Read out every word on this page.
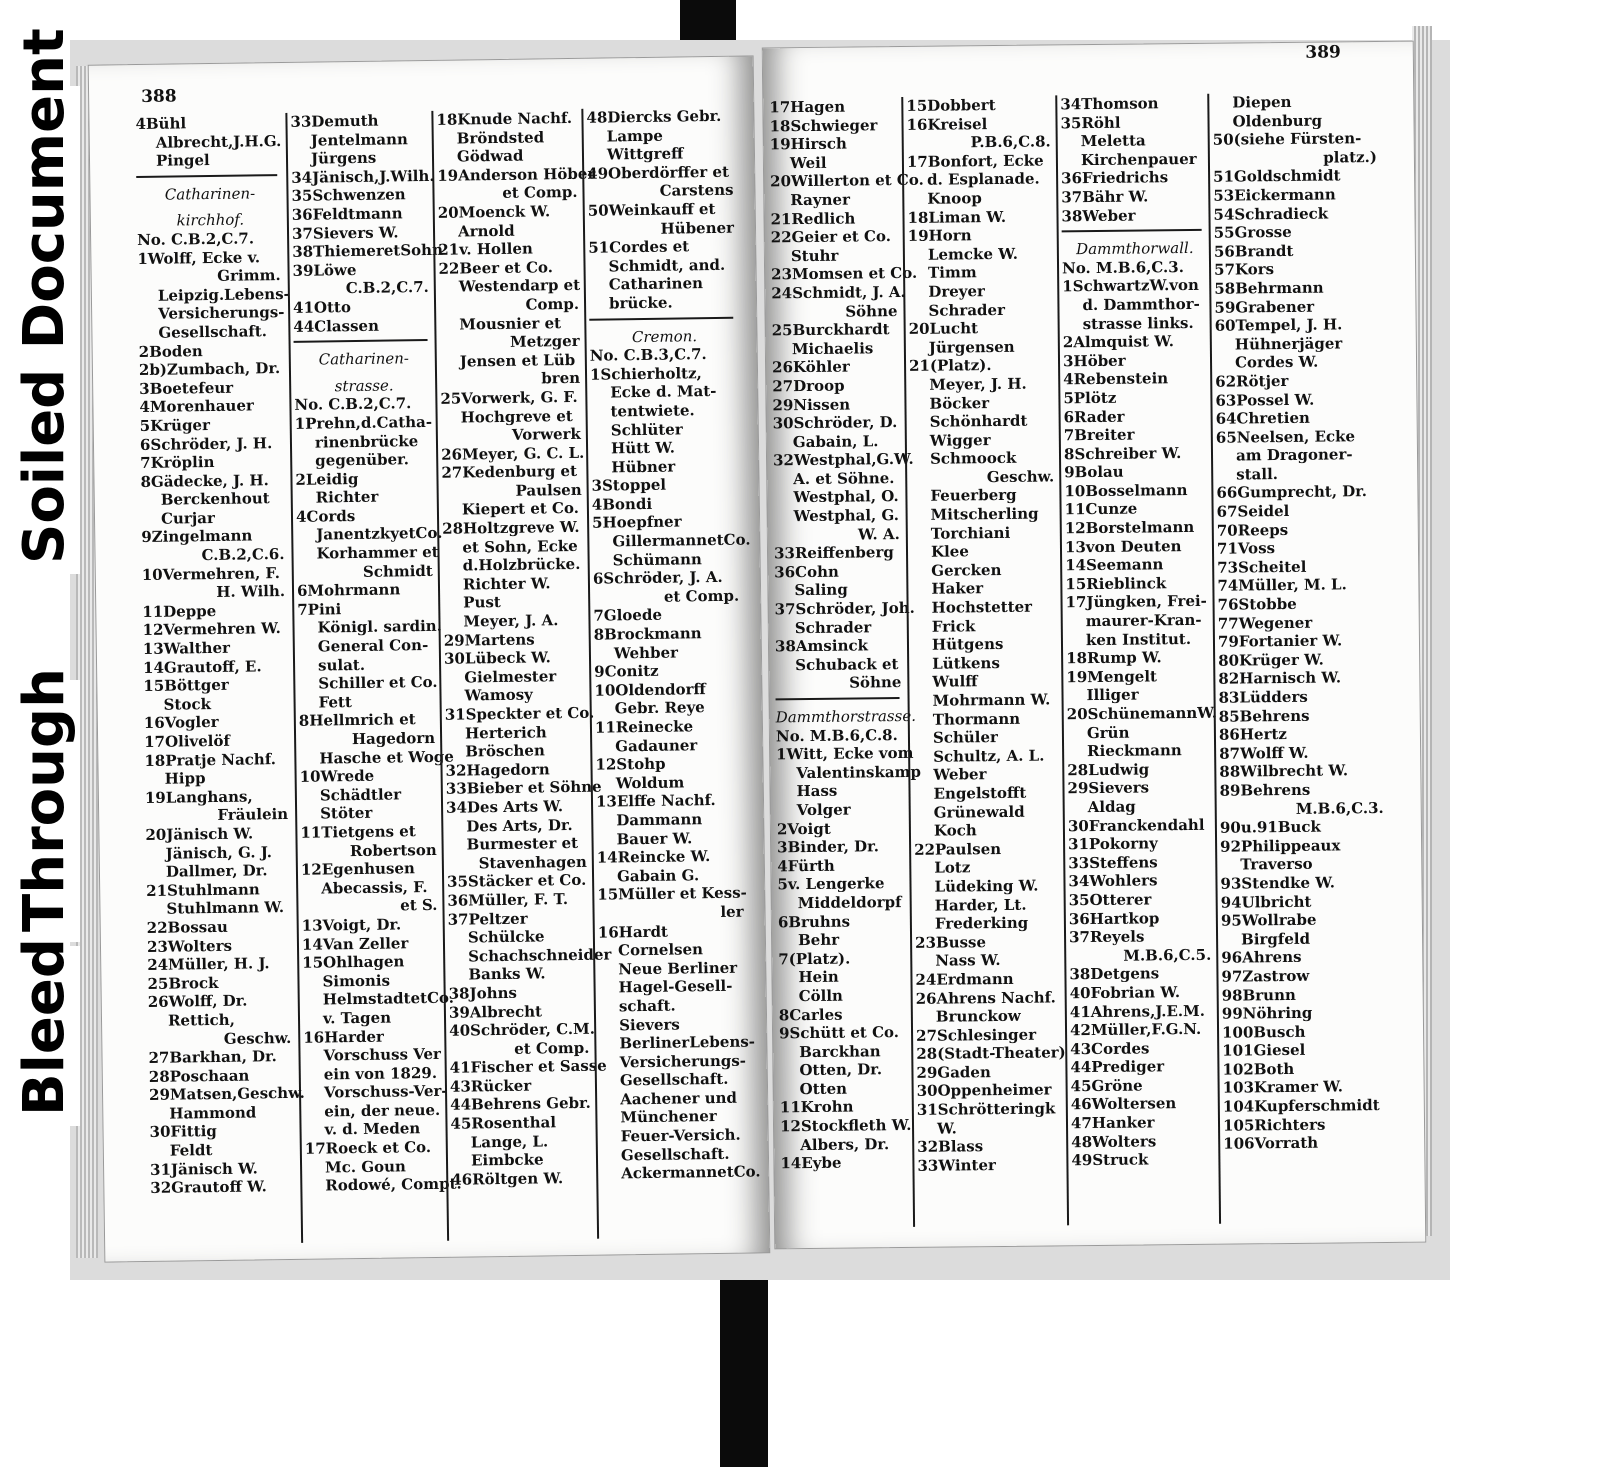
388
4Bühl
Albrecht,J.H.G.
Pingel
Catharinen-
kirchhof.
No. C.B.2,C.7.
1Wolff, Ecke v.
Grimm.
Leipzig.Lebens-
Versicherungs-
Gesellschaft.
2Boden
2b)Zumbach, Dr.
3Boetefeur
4Morenhauer
5Krüger
6Schröder, J. H.
7Kröplin
8Gädecke, J. H.
Berckenhout
Curjar
9Zingelmann
C.B.2,C.6.
10Vermehren, F.
H. Wilh.
11Deppe
12Vermehren W.
13Walther
14Grautoff, E.
15Böttger
Stock
16Vogler
17Olivelöf
18Pratje Nachf.
Hipp
19Langhans,
Fräulein
20Jänisch W.
Jänisch, G. J.
Dallmer, Dr.
21Stuhlmann
Stuhlmann W.
22Bossau
23Wolters
24Müller, H. J.
25Brock
26Wolff, Dr.
Rettich,
Geschw.
27Barkhan, Dr.
28Poschaan
29Matsen,Geschw.
Hammond
30Fittig
Feldt
31Jänisch W.
32Grautoff W.
33Demuth
Jentelmann
Jürgens
34Jänisch,J.Wilh.
35Schwenzen
36Feldtmann
37Sievers W.
38ThiemeretSohn
39Löwe
C.B.2,C.7.
41Otto
44Classen
Catharinen-
strasse.
No. C.B.2,C.7.
1Prehn,d.Catha-
rinenbrücke
gegenüber.
2Leidig
Richter
4Cords
JanentzkyetCo.
Korhammer et
Schmidt
6Mohrmann
7Pini
Königl. sardin.
General Con-
sulat.
Schiller et Co.
Fett
8Hellmrich et
Hagedorn
Hasche et Woge
10Wrede
Schädtler
Stöter
11Tietgens et
Robertson
12Egenhusen
Abecassis, F.
et S.
13Voigt, Dr.
14Van Zeller
15Ohlhagen
Simonis
HelmstadtetCo.
v. Tagen
16Harder
Vorschuss Ver
ein von 1829.
Vorschuss-Ver-
ein, der neue.
v. d. Meden
17Roeck et Co.
Mc. Goun
Rodowé, Compt.
18Knude Nachf.
Bröndsted
Gödwad
19Anderson Höber
et Comp.
20Moenck W.
Arnold
21v. Hollen
22Beer et Co.
Westendarp et
Comp.
Mousnier et
Metzger
Jensen et Lüb
bren
25Vorwerk, G. F.
Hochgreve et
Vorwerk
26Meyer, G. C. L.
27Kedenburg et
Paulsen
Kiepert et Co.
28Holtzgreve W.
et Sohn, Ecke
d.Holzbrücke.
Richter W.
Pust
Meyer, J. A.
29Martens
30Lübeck W.
Gielmester
Wamosy
31Speckter et Co.
Herterich
Bröschen
32Hagedorn
33Bieber et Söhne
34Des Arts W.
Des Arts, Dr.
Burmester et
Stavenhagen
35Stäcker et Co.
36Müller, F. T.
37Peltzer
Schülcke
Schachschneider
Banks W.
38Johns
39Albrecht
40Schröder, C.M.
et Comp.
41Fischer et Sasse
43Rücker
44Behrens Gebr.
45Rosenthal
Lange, L.
Eimbcke
46Röltgen W.
48Diercks Gebr.
Lampe
Wittgreff
49Oberdörffer et
Carstens
50Weinkauff et
Hübener
51Cordes et
Schmidt, and.
Catharinen
brücke.
Cremon.
No. C.B.3,C.7.
1Schierholtz,
Ecke d. Mat-
tentwiete.
Schlüter
Hütt W.
Hübner
3Stoppel
4Bondi
5Hoepfner
GillermannetCo.
Schümann
6Schröder, J. A.
et Comp.
7Gloede
8Brockmann
Wehber
9Conitz
10Oldendorff
Gebr. Reye
11Reinecke
Gadauner
12Stohp
Woldum
13Elffe Nachf.
Dammann
Bauer W.
14Reincke W.
Gabain G.
15Müller et Kess-
ler
16Hardt
Cornelsen
Neue Berliner
Hagel-Gesell-
schaft.
Sievers
BerlinerLebens-
Versicherungs-
Gesellschaft.
Aachener und
Münchener
Feuer-Versich.
Gesellschaft.
AckermannetCo.
389
17Hagen
18Schwieger
19Hirsch
Weil
20Willerton et Co.
Rayner
21Redlich
22Geier et Co.
Stuhr
23Momsen et Co.
24Schmidt, J. A.
Söhne
25Burckhardt
Michaelis
26Köhler
27Droop
29Nissen
30Schröder, D.
Gabain, L.
32Westphal,G.W.
A. et Söhne.
Westphal, O.
Westphal, G.
W. A.
33Reiffenberg
36Cohn
Saling
37Schröder, Joh.
Schrader
38Amsinck
Schuback et
Söhne
Dammthorstrasse.
No. M.B.6,C.8.
1Witt, Ecke vom
Valentinskamp
Hass
Volger
2Voigt
3Binder, Dr.
4Fürth
5v. Lengerke
Middeldorpf
6Bruhns
Behr
7(Platz).
Hein
Cölln
8Carles
9Schütt et Co.
Barckhan
Otten, Dr.
Otten
11Krohn
12Stockfleth W.
Albers, Dr.
14Eybe
15Dobbert
16Kreisel
P.B.6,C.8.
17Bonfort, Ecke
d. Esplanade.
Knoop
18Liman W.
19Horn
Lemcke W.
Timm
Dreyer
Schrader
20Lucht
Jürgensen
21(Platz).
Meyer, J. H.
Böcker
Schönhardt
Wigger
Schmoock
Geschw.
Feuerberg
Mitscherling
Torchiani
Klee
Gercken
Haker
Hochstetter
Frick
Hütgens
Lütkens
Wulff
Mohrmann W.
Thormann
Schüler
Schultz, A. L.
Weber
Engelstofft
Grünewald
Koch
22Paulsen
Lotz
Lüdeking W.
Harder, Lt.
Frederking
23Busse
Nass W.
24Erdmann
26Ahrens Nachf.
Brunckow
27Schlesinger
28(Stadt-Theater)
29Gaden
30Oppenheimer
31Schrötteringk
W.
32Blass
33Winter
34Thomson
35Röhl
Meletta
Kirchenpauer
36Friedrichs
37Bähr W.
38Weber
Dammthorwall.
No. M.B.6,C.3.
1SchwartzW.von
d. Dammthor-
strasse links.
2Almquist W.
3Höber
4Rebenstein
5Plötz
6Rader
7Breiter
8Schreiber W.
9Bolau
10Bosselmann
11Cunze
12Borstelmann
13von Deuten
14Seemann
15Rieblinck
17Jüngken, Frei-
maurer-Kran-
ken Institut.
18Rump W.
19Mengelt
Illiger
20SchünemannW.
Grün
Rieckmann
28Ludwig
29Sievers
Aldag
30Franckendahl
31Pokorny
33Steffens
34Wohlers
35Otterer
36Hartkop
37Reyels
M.B.6,C.5.
38Detgens
40Fobrian W.
41Ahrens,J.E.M.
42Müller,F.G.N.
43Cordes
44Prediger
45Gröne
46Woltersen
47Hanker
48Wolters
49Struck
Diepen
Oldenburg
50(siehe Fürsten-
platz.)
51Goldschmidt
53Eickermann
54Schradieck
55Grosse
56Brandt
57Kors
58Behrmann
59Grabener
60Tempel, J. H.
Hühnerjäger
Cordes W.
62Rötjer
63Possel W.
64Chretien
65Neelsen, Ecke
am Dragoner-
stall.
66Gumprecht, Dr.
67Seidel
70Reeps
71Voss
73Scheitel
74Müller, M. L.
76Stobbe
77Wegener
79Fortanier W.
80Krüger W.
82Harnisch W.
83Lüdders
85Behrens
86Hertz
87Wolff W.
88Wilbrecht W.
89Behrens
M.B.6,C.3.
90u.91Buck
92Philippeaux
Traverso
93Stendke W.
94Ulbricht
95Wollrabe
Birgfeld
96Ahrens
97Zastrow
98Brunn
99Nöhring
100Busch
101Giesel
102Both
103Kramer W.
104Kupferschmidt
105Richters
106Vorrath
Soiled Document
Through
Bleed
